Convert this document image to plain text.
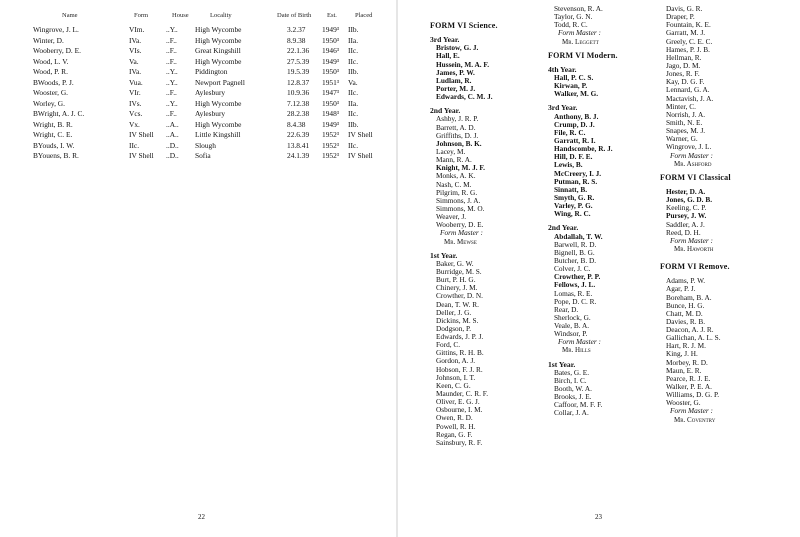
Name	Form	House	Locality	Date of Birth Est.	Placed
Wingrove, J. L.	VIm.	..Y.. High Wycombe	3.2.37 1949³ IIb.
Winter, D.	IVa.	..F.. High Wycombe	8.9.38 1950³ IIa.
Wooberry, D. E.	VIs.	..F.. Great Kingshill	22.1.36 1946³ IIc.
Wood, L. V.	Va.	..F.. High Wycombe	27.5.39 1949³ IIc.
Wood, P. R.	IVa.	..Y.. Piddington	19.5.39 1950³ IIb.
BWoods, P. J.	Vua.	..Y.. Newport Pagnell	12.8.37 1951³ Va.
Wooster, G.	VIr.	..F.. Aylesbury	10.9.36 1947³ IIc.
Worley, G.	IVs.	..Y.. High Wycombe	7.12.38 1950³ IIa.
BWright, A. J. C.	Vcs.	..F.. Aylesbury	28.2.38 1948³ IIc.
Wright, B. R.	Vx.	..A.. High Wycombe	8.4.38 1949³ IIb.
Wright, C. E.	IV Shell ..A.. Little Kingshill	22.6.39 1952³ IV Shell
BYouds, I. W.	IIc.	..D.. Slough	13.8.41 1952³ IIc.
BYouens, B. R.	IV Shell ..D.. Sofia	24.1.39 1952³ IV Shell
22
FORM VI Science.
3rd Year.
Bristow, G. J.
Hall, E.
Hussein, M. A. F.
James, P. W.
Ludlam, R.
Porter, M. J.
Edwards, C. M. J.
2nd Year.
Ashby, J. R. P.
Barrett, A. D.
Griffiths, D. J.
Johnson, B. K.
Lacey, M.
Mann, R. A.
Knight, M. J. F.
Monks, A. K.
Nash, C. M.
Pilgrim, R. G.
Simmons, J. A.
Simmons, M. O.
Weaver, J.
Wooberry, D. E.
Form Master :
Mr. Mewse
1st Year.
Baker, G. W.
Burridge, M. S.
Burt, P. H. G.
Chinery, J. M.
Crowther, D. N.
Dean, T. W. R.
Deller, J. G.
Dickins, M. S.
Dodgson, P.
Edwards, J. P. J.
Ford, C.
Gittins, R. H. B.
Gordon, A. J.
Hobson, F. J. R.
Johnson, I. T.
Keen, C. G.
Maunder, C. R. F.
Oliver, E. G. J.
Osbourne, I. M.
Owen, R. D.
Powell, R. H.
Regan, G. F.
Sainsbury, R. F.
Stevenson, R. A.
Taylor, G. N.
Todd, R. C.
Form Master :
Mr. Leggett
FORM VI Modern.
4th Year.
Hall, P. C. S.
Kirwan, P.
Walker, M. G.
3rd Year.
Anthony, B. J.
Crump, D. J.
File, R. C.
Garratt, R. I.
Handscombe, R. J.
Hill, D. F. E.
Lewis, B.
McCreery, I. J.
Putman, R. S.
Sinnatt, B.
Smyth, G. R.
Varley, P. G.
Wing, R. C.
2nd Year.
Abdallah, T. W.
Barwell, R. D.
Bignell, B. G.
Butcher, B. D.
Colver, J. C.
Crowther, P. P.
Fellows, J. L.
Lomas, R. E.
Pope, D. C. R.
Rear, D.
Sherlock, G.
Veale, B. A.
Windsor, P.
Form Master :
Mr. Hills
1st Year.
Bates, G. E.
Birch, I. C.
Booth, W. A.
Brooks, J. E.
Caffoor, M. F. F.
Collar, J. A.
Davis, G. R.
Draper, P.
Fountain, K. E.
Garratt, M. J.
Greely, C. E. C.
Hames, P. J. B.
Hellman, R.
Jago, D. M.
Jones, R. F.
Kay, D. G. F.
Lennard, G. A.
Mactavish, J. A.
Minter, C.
Norrish, J. A.
Smith, N. E.
Snapes, M. J.
Warner, G.
Wingrove, J. L.
Form Master :
Mr. Ashford
FORM VI Classical
Hester, D. A.
Jones, G. D. B.
Keeling, C. P.
Pursey, J. W.
Saddler, A. J.
Reed, D. H.
Form Master :
Mr. Haworth
FORM VI Remove.
Adams, P. W.
Agar, P. J.
Boreham, B. A.
Bunce, H. G.
Chatt, M. D.
Davies, R. B.
Deacon, A. J. R.
Gallichan, A. L. S.
Hart, R. J. M.
King, J. H.
Morbey, R. D.
Maun, E. R.
Pearce, R. J. E.
Walker, P. E. A.
Williams, D. G. P.
Wooster, G.
Form Master :
Mr. Coventry
23
